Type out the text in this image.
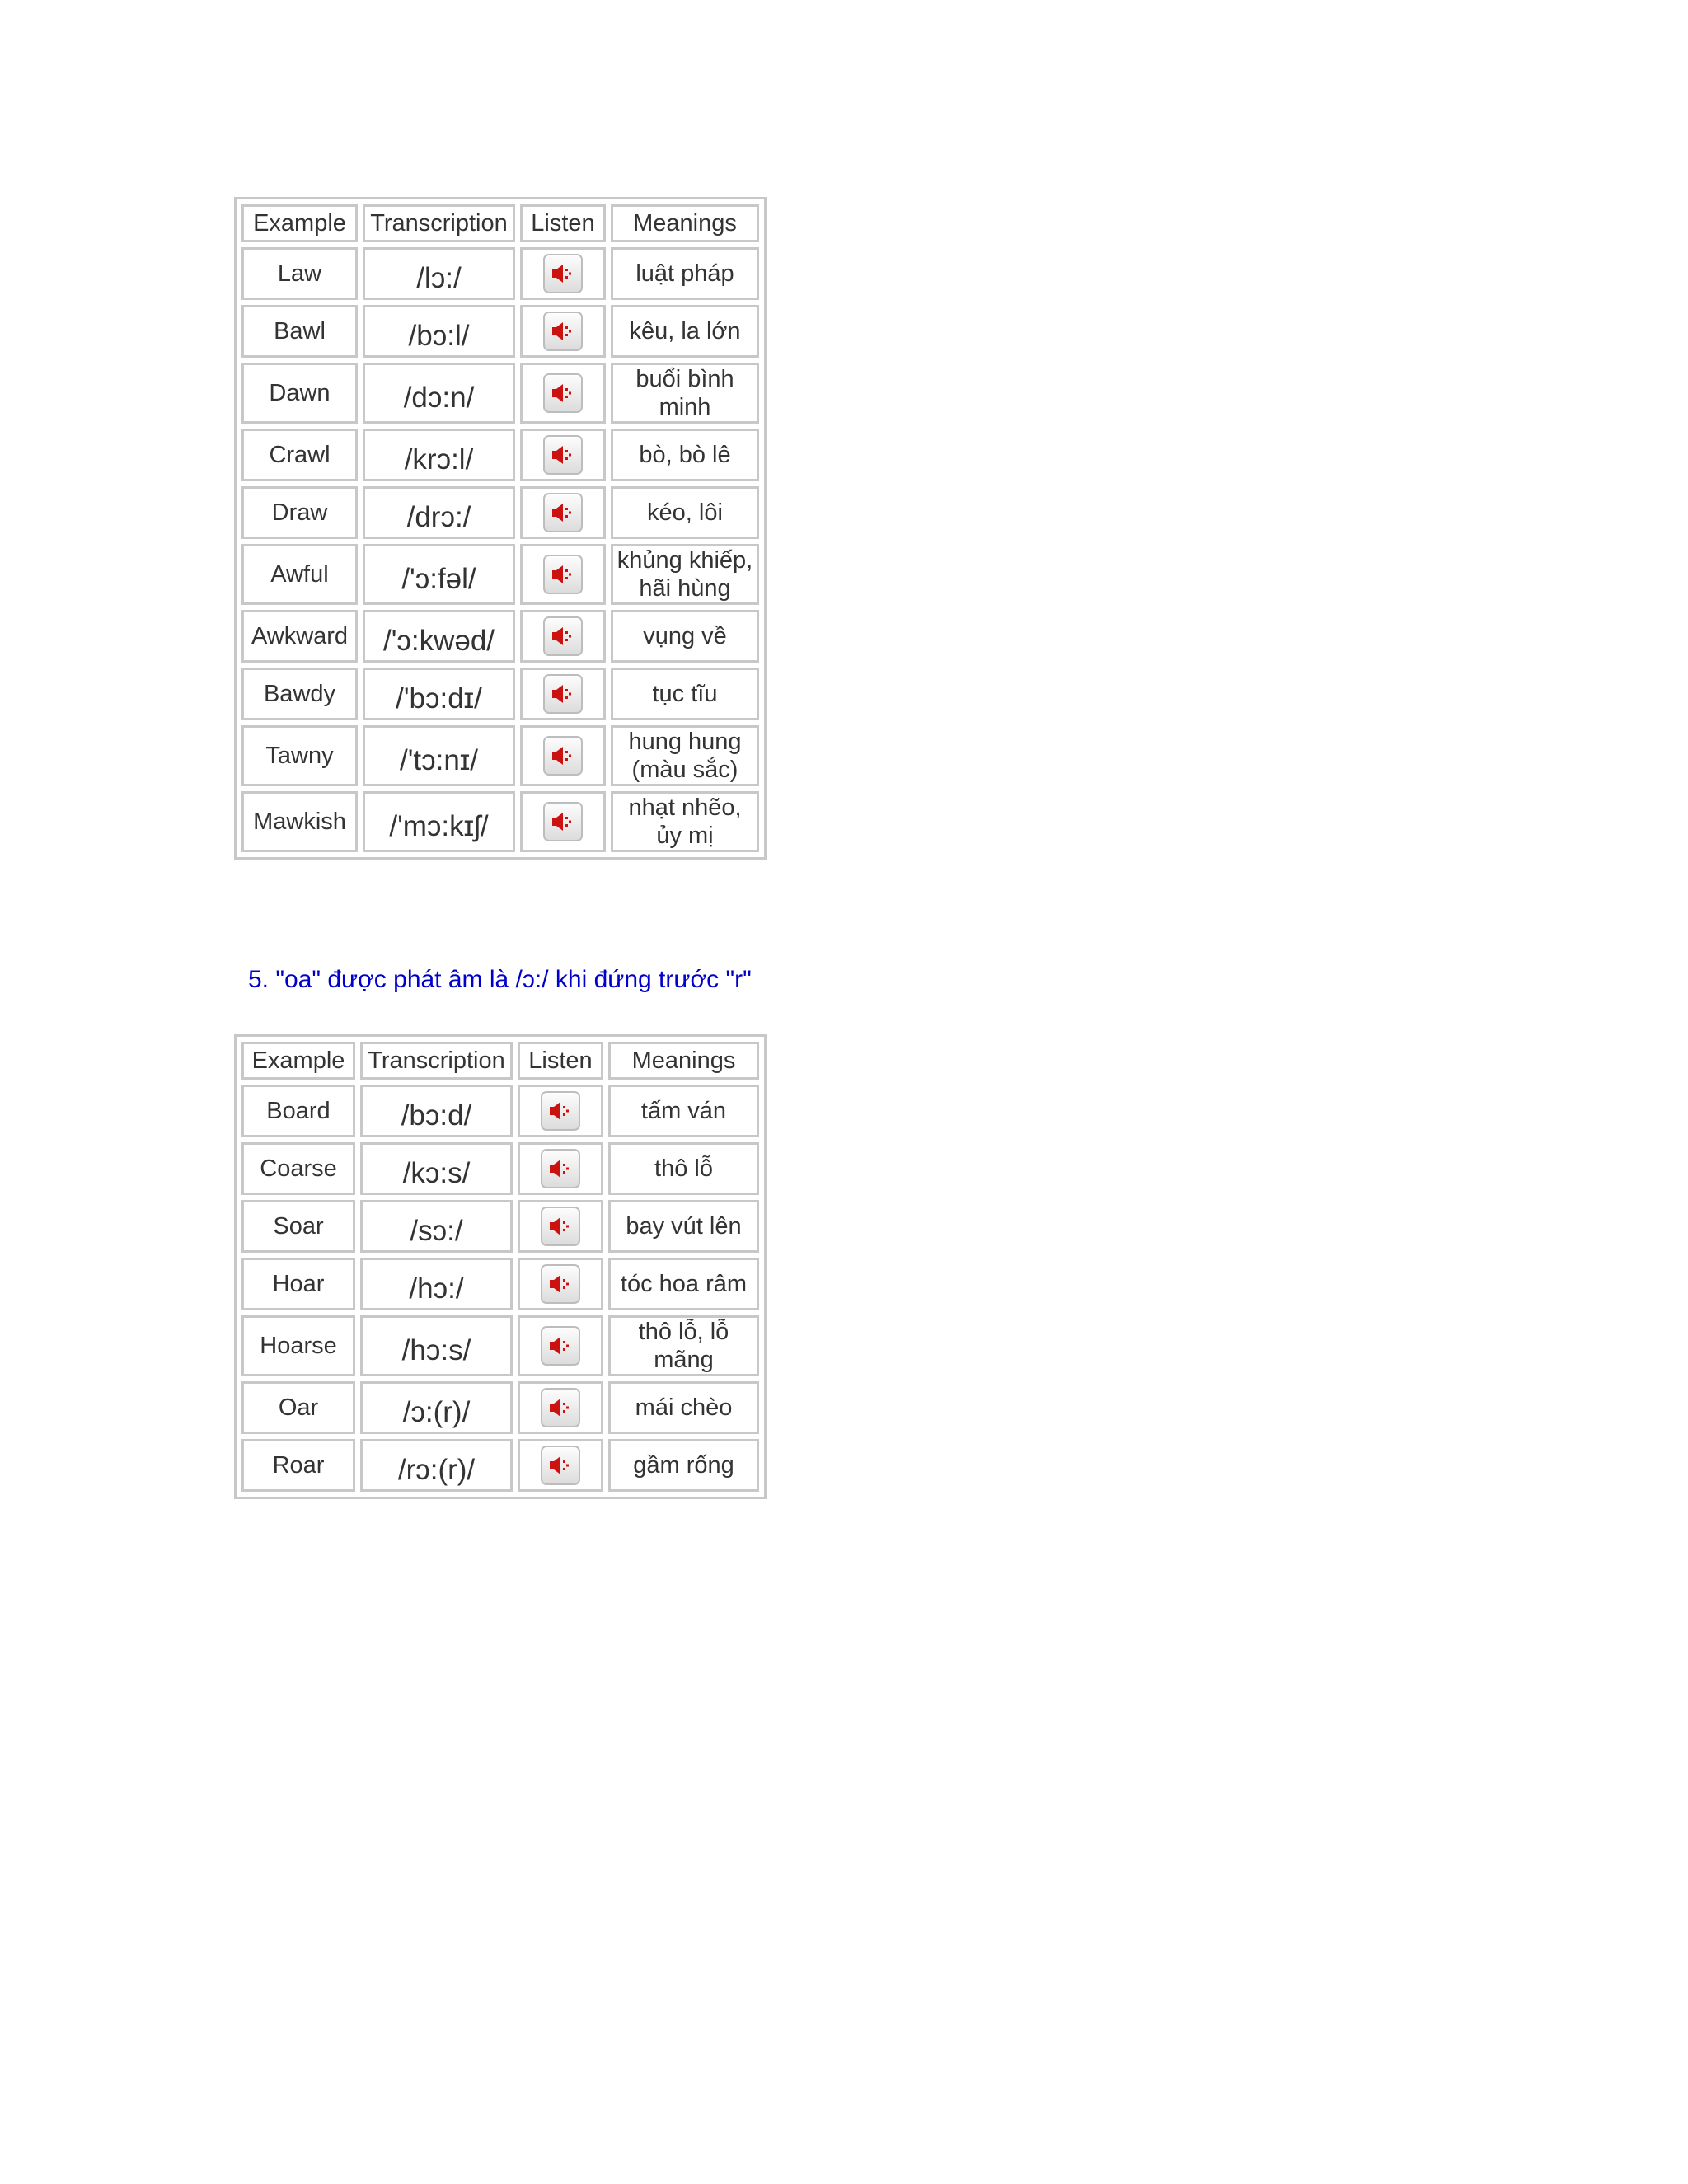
Example	Transcription	Listen	Meanings
Law	/lɔ:/		luật pháp
Bawl	/bɔ:l/		kêu, la lớn
Dawn	/dɔ:n/		buổi bình minh
Crawl	/krɔ:l/		bò, bò lê
Draw	/drɔ:/		kéo, lôi
Awful	/'ɔ:fəl/		khủng khiếp, hãi hùng
Awkward	/'ɔ:kwəd/		vụng về
Bawdy	/'bɔ:dɪ/		tục tĩu
Tawny	/'tɔ:nɪ/		hung hung (màu sắc)
Mawkish	/'mɔ:kɪʃ/		nhạt nhẽo, ủy mị

5. "oa" được phát âm là /ɔ:/ khi đứng trước "r"

Example	Transcription	Listen	Meanings
Board	/bɔ:d/		tấm ván
Coarse	/kɔ:s/		thô lỗ
Soar	/sɔ:/		bay vút lên
Hoar	/hɔ:/		tóc hoa râm
Hoarse	/hɔ:s/		thô lỗ, lỗ mãng
Oar	/ɔ:(r)/		mái chèo
Roar	/rɔ:(r)/		gầm rống
